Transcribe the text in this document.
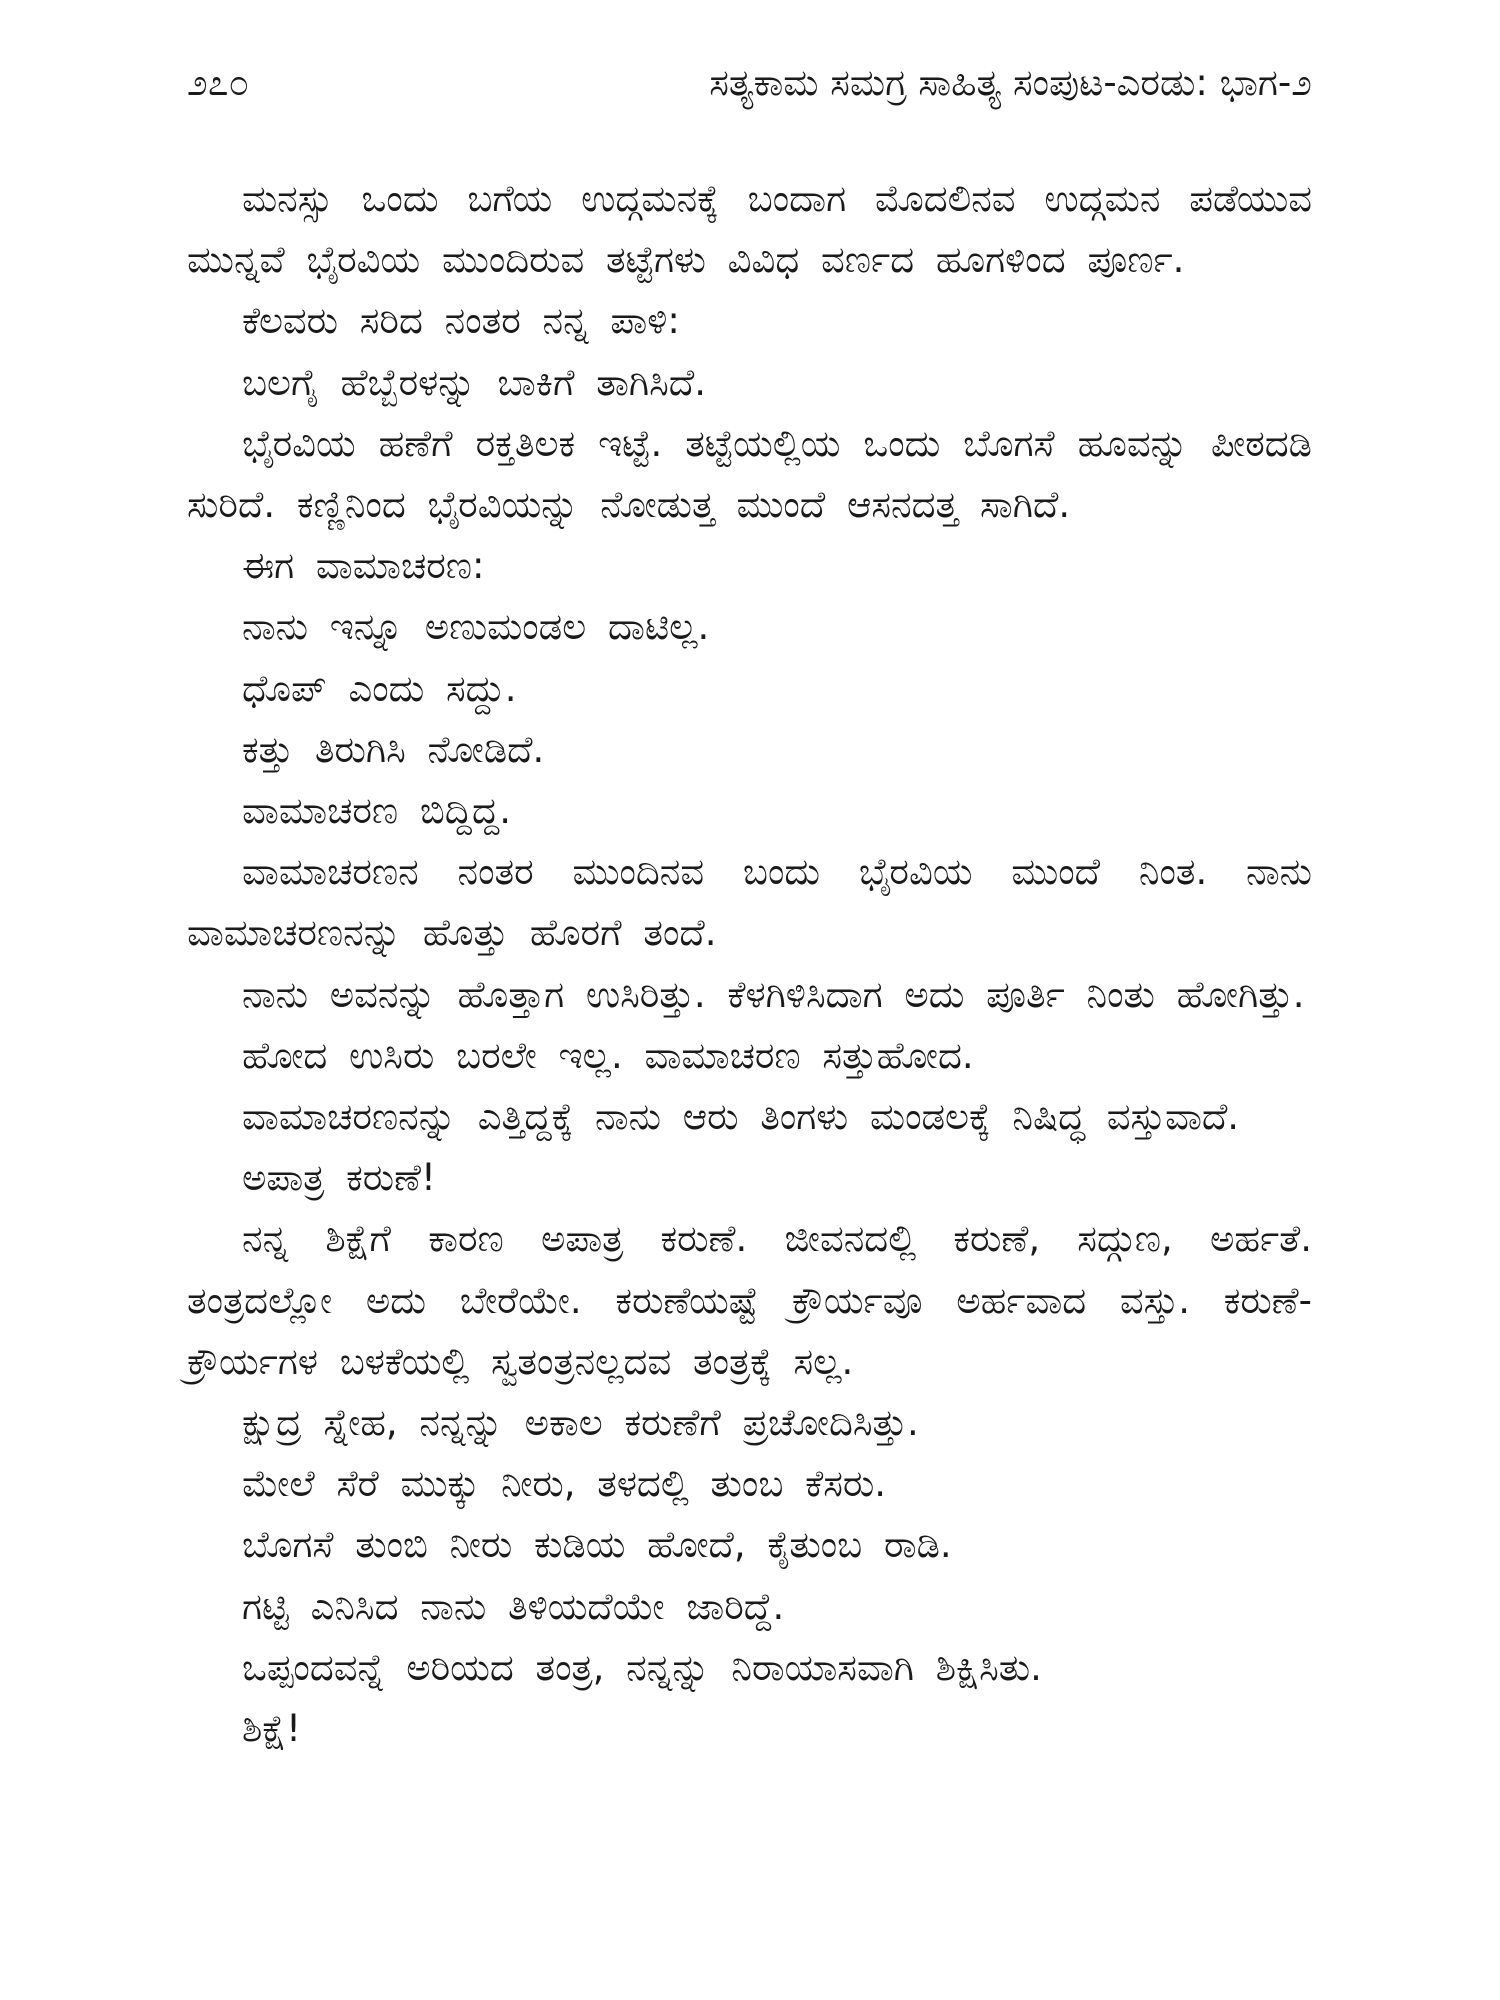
೨೭೦	ಸತ್ಯಕಾಮ ಸಮಗ್ರ ಸಾಹಿತ್ಯ ಸಂಪುಟ-ಎರಡು: ಭಾಗ-೨

ಮನಸ್ಸು ಒಂದು ಬಗೆಯ ಉದ್ಗಮನಕ್ಕೆ ಬಂದಾಗ ಮೊದಲಿನವ ಉದ್ಗಮನ ಪಡೆಯುವ ಮುನ್ನವೆ ಭೈರವಿಯ ಮುಂದಿರುವ ತಟ್ಟೆಗಳು ವಿವಿಧ ವರ್ಣದ ಹೂಗಳಿಂದ ಪೂರ್ಣ.

ಕೆಲವರು ಸರಿದ ನಂತರ ನನ್ನ ಪಾಳಿ:

ಬಲಗೈ ಹೆಬ್ಬೆರಳನ್ನು ಬಾಕಿಗೆ ತಾಗಿಸಿದೆ.

ಭೈರವಿಯ ಹಣೆಗೆ ರಕ್ತತಿಲಕ ಇಟ್ಟೆ. ತಟ್ಟೆಯಲ್ಲಿಯ ಒಂದು ಬೊಗಸೆ ಹೂವನ್ನು ಪೀಠದಡಿ ಸುರಿದೆ. ಕಣ್ಣಿನಿಂದ ಭೈರವಿಯನ್ನು ನೋಡುತ್ತ ಮುಂದೆ ಆಸನದತ್ತ ಸಾಗಿದೆ.

ಈಗ ವಾಮಾಚರಣ:

ನಾನು ಇನ್ನೂ ಅಣುಮಂಡಲ ದಾಟಿಲ್ಲ.

ಧೊಪ್ ಎಂದು ಸದ್ದು.

ಕತ್ತು ತಿರುಗಿಸಿ ನೋಡಿದೆ.

ವಾಮಾಚರಣ ಬಿದ್ದಿದ್ದ.

ವಾಮಾಚರಣನ ನಂತರ ಮುಂದಿನವ ಬಂದು ಭೈರವಿಯ ಮುಂದೆ ನಿಂತ. ನಾನು ವಾಮಾಚರಣನನ್ನು ಹೊತ್ತು ಹೊರಗೆ ತಂದೆ.

ನಾನು ಅವನನ್ನು ಹೊತ್ತಾಗ ಉಸಿರಿತ್ತು. ಕೆಳಗಿಳಿಸಿದಾಗ ಅದು ಪೂರ್ತಿ ನಿಂತು ಹೋಗಿತ್ತು.

ಹೋದ ಉಸಿರು ಬರಲೇ ಇಲ್ಲ. ವಾಮಾಚರಣ ಸತ್ತುಹೋದ.

ವಾಮಾಚರಣನನ್ನು ಎತ್ತಿದ್ದಕ್ಕೆ ನಾನು ಆರು ತಿಂಗಳು ಮಂಡಲಕ್ಕೆ ನಿಷಿದ್ಧ ವಸ್ತುವಾದೆ.

ಅಪಾತ್ರ ಕರುಣೆ!

ನನ್ನ ಶಿಕ್ಷೆಗೆ ಕಾರಣ ಅಪಾತ್ರ ಕರುಣೆ. ಜೀವನದಲ್ಲಿ ಕರುಣೆ, ಸದ್ಗುಣ, ಅರ್ಹತೆ. ತಂತ್ರದಲ್ಲೋ ಅದು ಬೇರೆಯೇ. ಕರುಣೆಯಷ್ಟೆ ಕ್ರೌರ್ಯವೂ ಅರ್ಹವಾದ ವಸ್ತು. ಕರುಣೆ- ಕ್ರೌರ್ಯಗಳ ಬಳಕೆಯಲ್ಲಿ ಸ್ವತಂತ್ರನಲ್ಲದವ ತಂತ್ರಕ್ಕೆ ಸಲ್ಲ.

ಕ್ಷುದ್ರ ಸ್ನೇಹ, ನನ್ನನ್ನು ಅಕಾಲ ಕರುಣೆಗೆ ಪ್ರಚೋದಿಸಿತ್ತು.

ಮೇಲೆ ಸೆರೆ ಮುಕ್ಕು ನೀರು, ತಳದಲ್ಲಿ ತುಂಬ ಕೆಸರು.

ಬೊಗಸೆ ತುಂಬಿ ನೀರು ಕುಡಿಯ ಹೋದೆ, ಕೈತುಂಬ ರಾಡಿ.

ಗಟ್ಟಿ ಎನಿಸಿದ ನಾನು ತಿಳಿಯದೆಯೇ ಜಾರಿದ್ದೆ.

ಒಪ್ಪಂದವನ್ನೆ ಅರಿಯದ ತಂತ್ರ, ನನ್ನನ್ನು ನಿರಾಯಾಸವಾಗಿ ಶಿಕ್ಷಿಸಿತು.

ಶಿಕ್ಷೆ!
